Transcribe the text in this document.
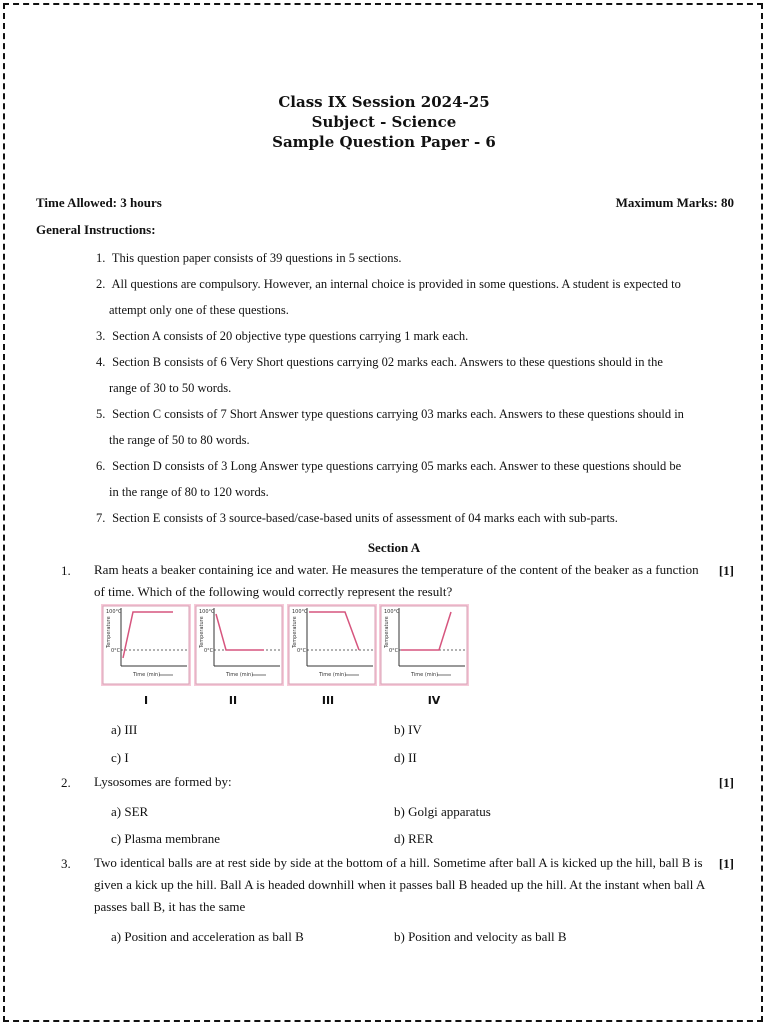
Class IX Session 2024-25
Subject - Science
Sample Question Paper - 6
Time Allowed: 3 hours	Maximum Marks: 80
General Instructions:
1. This question paper consists of 39 questions in 5 sections.
2. All questions are compulsory. However, an internal choice is provided in some questions. A student is expected to
attempt only one of these questions.
3. Section A consists of 20 objective type questions carrying 1 mark each.
4. Section B consists of 6 Very Short questions carrying 02 marks each. Answers to these questions should in the
range of 30 to 50 words.
5. Section C consists of 7 Short Answer type questions carrying 03 marks each. Answers to these questions should in
the range of 50 to 80 words.
6. Section D consists of 3 Long Answer type questions carrying 05 marks each. Answer to these questions should be
in the range of 80 to 120 words.
7. Section E consists of 3 source-based/case-based units of assessment of 04 marks each with sub-parts.
Section A
1. Ram heats a beaker containing ice and water. He measures the temperature of the content of the beaker as a function of time. Which of the following would correctly represent the result?
[1]
100°C
0°C
Temperature
Time (min)
I
100°C
0°C
Temperature
Time (min)
II
100°C
0°C
Temperature
Time (min)
III
100°C
0°C
Temperature
Time (min)
IV
a) III	b) IV
c) I	d) II
2. Lysosomes are formed by:	[1]
a) SER	b) Golgi apparatus
c) Plasma membrane	d) RER
3. Two identical balls are at rest side by side at the bottom of a hill. Sometime after ball A is kicked up the hill, ball B is given a kick up the hill. Ball A is headed downhill when it passes ball B headed up the hill. At the instant when ball A passes ball B, it has the same
[1]
a) Position and acceleration as ball B	b) Position and velocity as ball B
